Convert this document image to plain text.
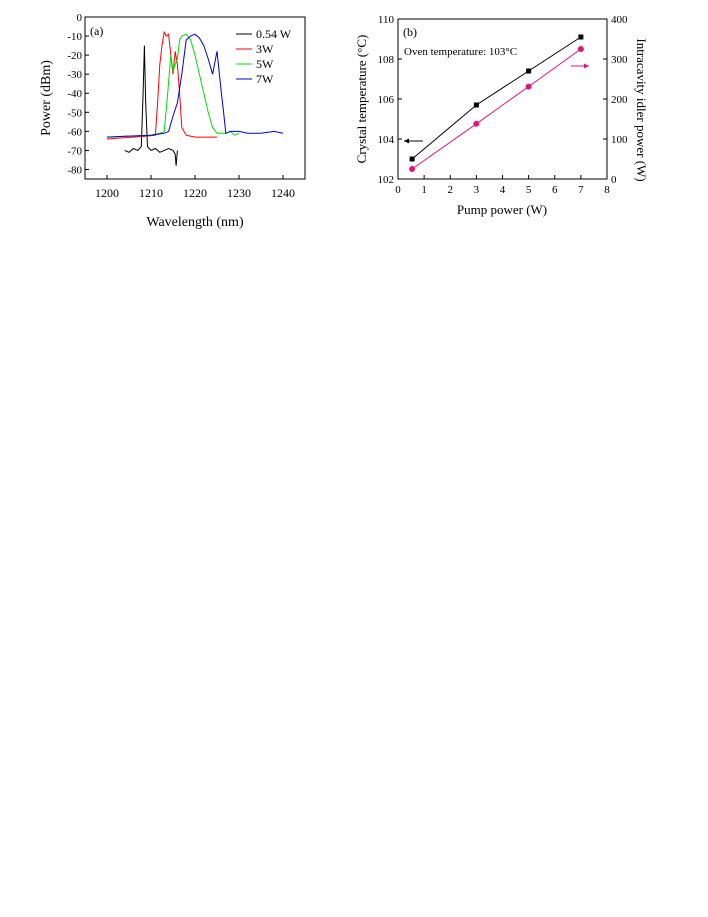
(a)
1200 1210 1220 1230 1240
0
-10
-20
-30
-40
-50
-60
-70
-80
0.54 W
3W
5W
7W
Wavelength (nm)
Power (dBm)
(b)
Oven temperature: 103°C
0 1 2 3 4 5 6 7 8
102
104
106
108
110
0
100
200
300
400
Pump power (W)
Crystal temperature (°C)	Intracavity idler power (W)
